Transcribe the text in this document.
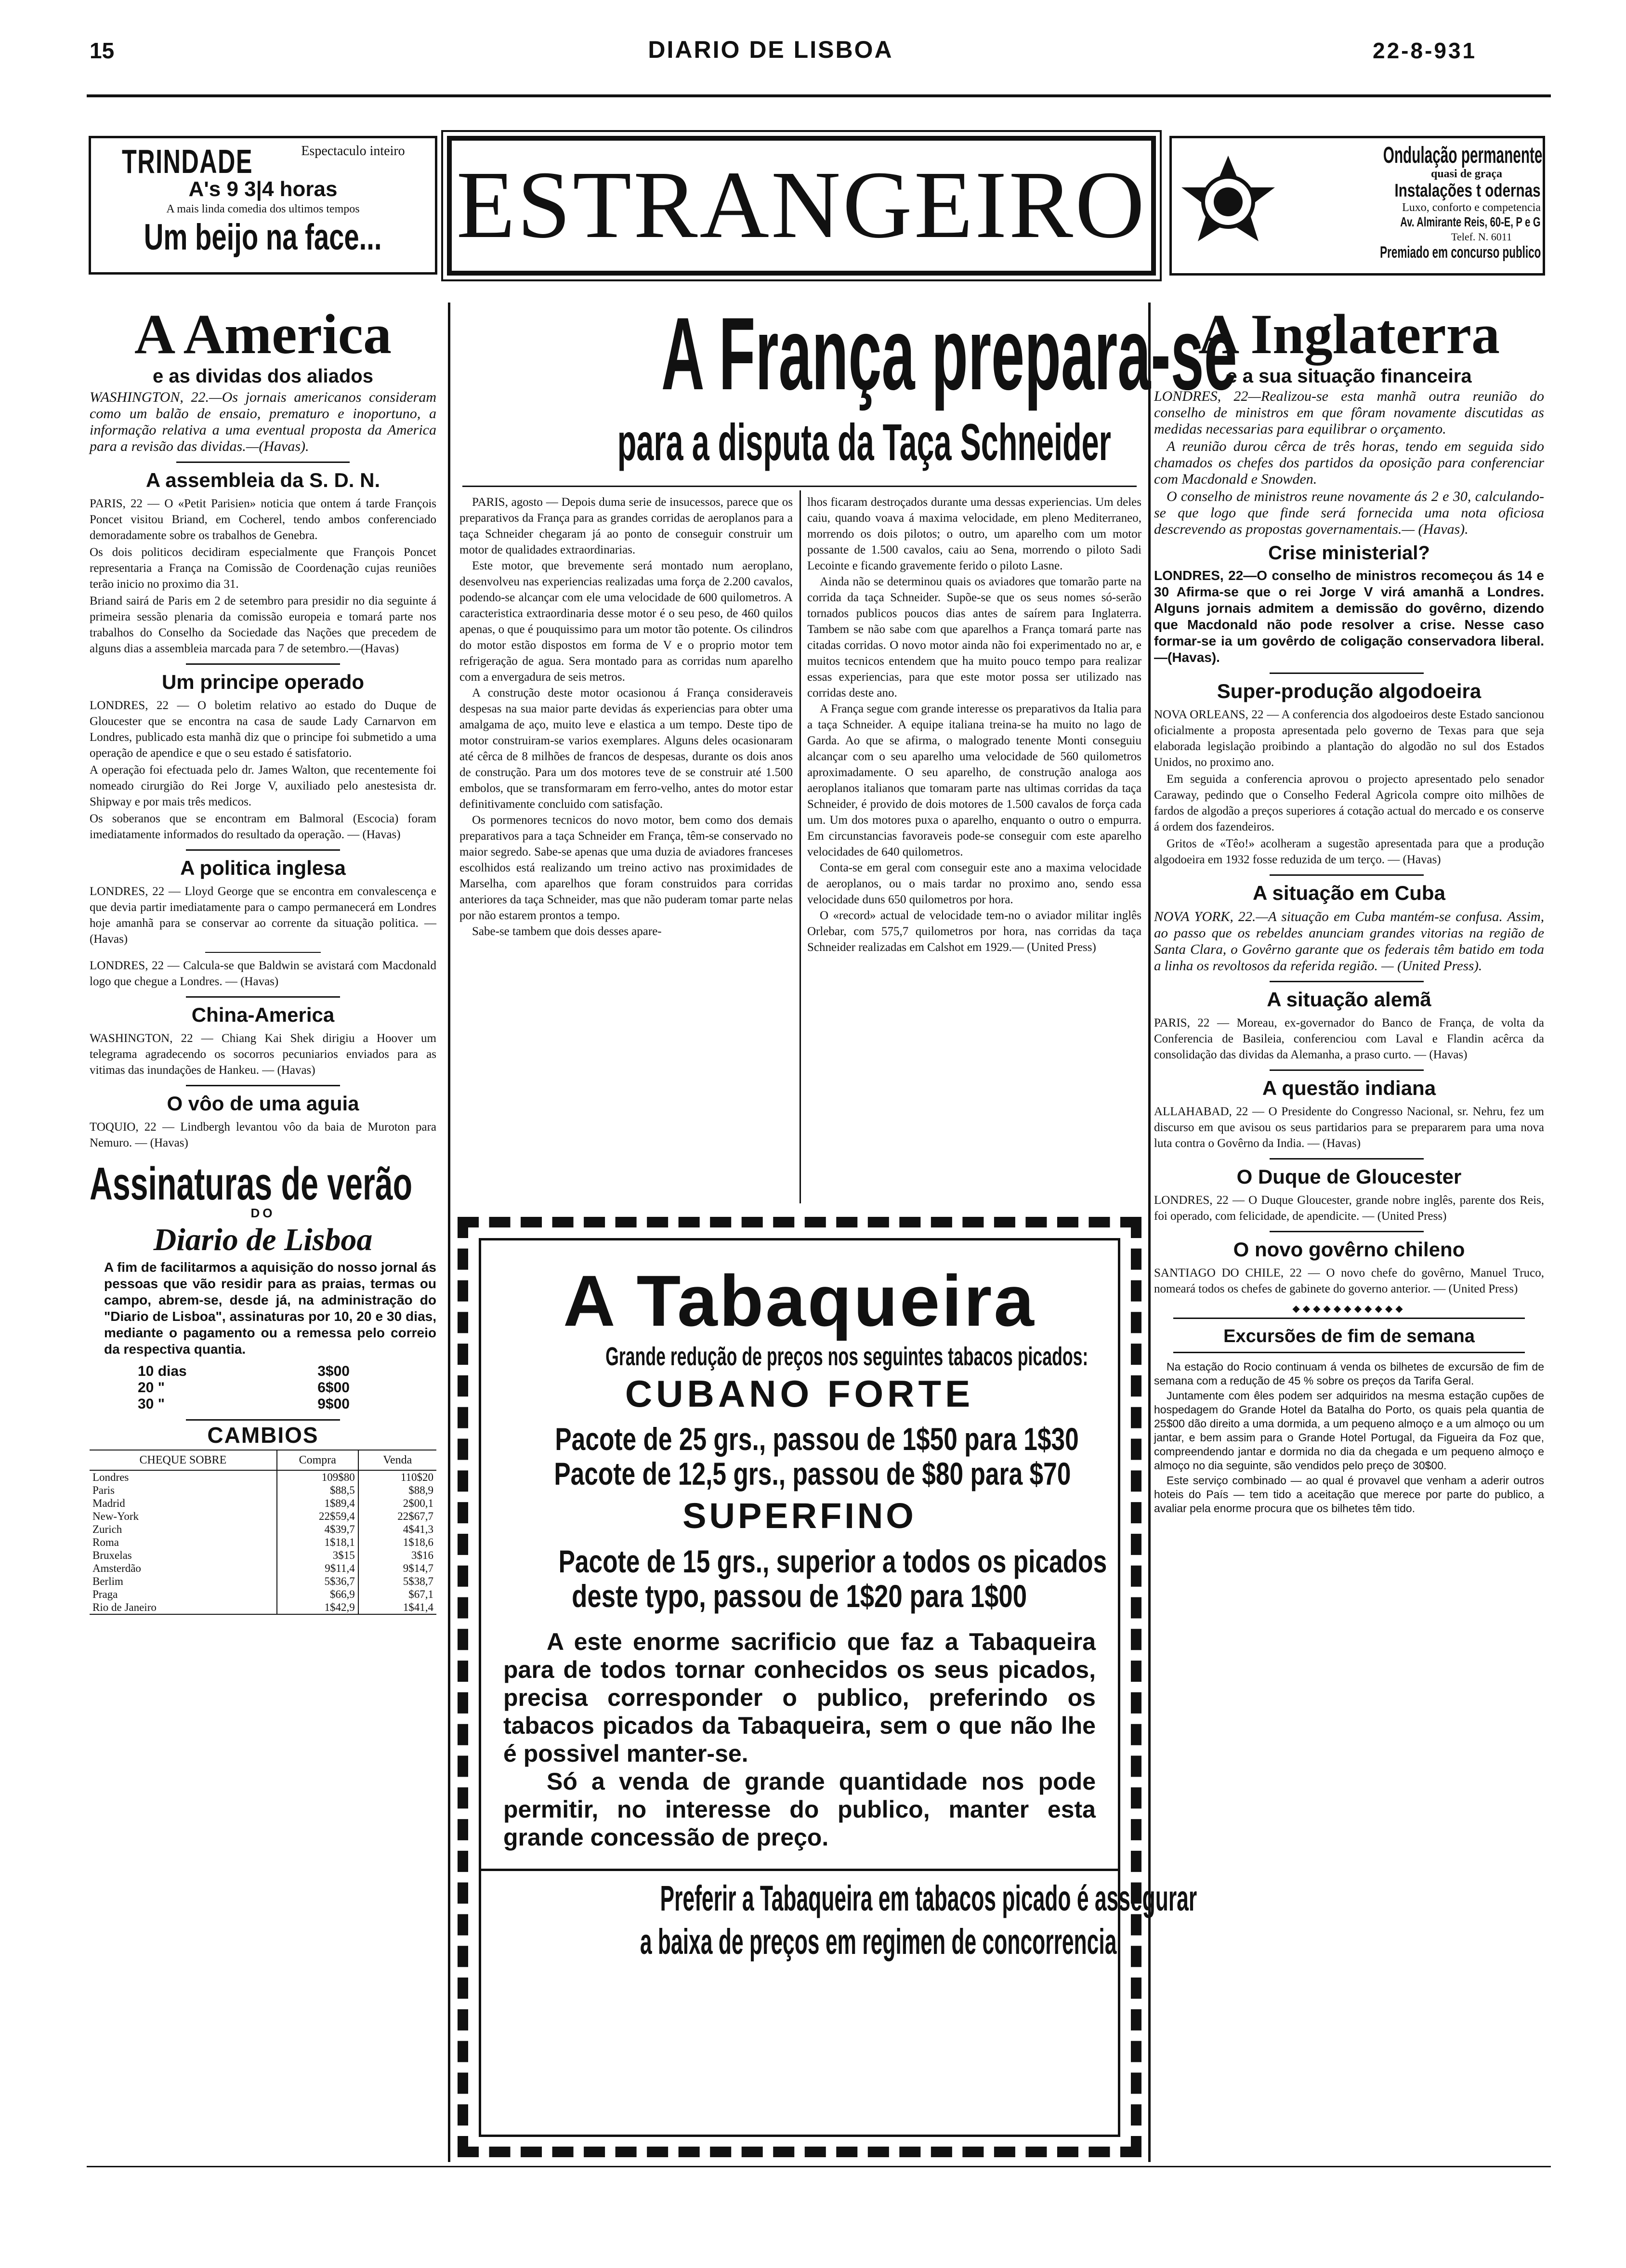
15	DIARIO DE LISBOA	22-8-931
TRINDADE	Espectaculo inteiro
A's 9 3|4 horas
A mais linda comedia dos ultimos tempos
Um beijo na face... ESTRANGEIRO	Ondulação permanente
quasi de graça
Instalações t odernas
Luxo, conforto e competencia
Av. Almirante Reis, 60-E, P e G
Telef. N. 6011
Premiado em concurso publico
A America
e as dividas dos aliados

WASHINGTON, 22.—Os jornais americanos consideram como um balão de ensaio, prematuro e inoportuno, a informação relativa a uma eventual proposta da America para a revisão das dividas.—(Havas).

A assembleia da S. D. N.

PARIS, 22 — O «Petit Parisien» noticia que ontem á tarde François Poncet visitou Briand, em Cocherel, tendo ambos conferenciado demoradamente sobre os trabalhos de Genebra.

Os dois politicos decidiram especialmente que François Poncet representaria a França na Comissão de Coordenação cujas reuniões terão inicio no proximo dia 31.

Briand sairá de Paris em 2 de setembro para presidir no dia seguinte á primeira sessão plenaria da comissão europeia e tomará parte nos trabalhos do Conselho da Sociedade das Nações que precedem de alguns dias a assembleia marcada para 7 de setembro.—(Havas)

Um principe operado

LONDRES, 22 — O boletim relativo ao estado do Duque de Gloucester que se encontra na casa de saude Lady Carnarvon em Londres, publicado esta manhã diz que o principe foi submetido a uma operação de apendice e que o seu estado é satisfatorio.

A operação foi efectuada pelo dr. James Walton, que recentemente foi nomeado cirurgião do Rei Jorge V, auxiliado pelo anestesista dr. Shipway e por mais três medicos.

Os soberanos que se encontram em Balmoral (Escocia) foram imediatamente informados do resultado da operação. — (Havas)

A politica inglesa

LONDRES, 22 — Lloyd George que se encontra em convalescença e que devia partir imediatamente para o campo permanecerá em Londres hoje amanhã para se conservar ao corrente da situação politica. — (Havas)

LONDRES, 22 — Calcula-se que Baldwin se avistará com Macdonald logo que chegue a Londres. — (Havas)

China-America

WASHINGTON, 22 — Chiang Kai Shek dirigiu a Hoover um telegrama agradecendo os socorros pecuniarios enviados para as vitimas das inundações de Hankeu. — (Havas)

O vôo de uma aguia

TOQUIO, 22 — Lindbergh levantou vôo da baia de Muroton para Nemuro. — (Havas)

Assinaturas de verão
DO
Diario de Lisboa

A fim de facilitarmos a aquisição do nosso jornal ás pessoas que vão residir para as praias, termas ou campo, abrem-se, desde já, na administração do "Diario de Lisboa", assinaturas por 10, 20 e 30 dias, mediante o pagamento ou a remessa pelo correio da respectiva quantia.

10 dias	3$00
20 "	6$00
30 "	9$00
CAMBIOS
CHEQUE SOBRE	Compra	Venda
Londres	109$80	110$20
Paris	$88,5	$88,9
Madrid	1$89,4	2$00,1
New-York	22$59,4	22$67,7
Zurich	4$39,7	4$41,3
Roma	1$18,1	1$18,6
Bruxelas	3$15	3$16
Amsterdão	9$11,4	9$14,7
Berlim	5$36,7	5$38,7
Praga	$66,9	$67,1
Rio de Janeiro	1$42,9	1$41,4
A França prepara-se
para a disputa da Taça Schneider

PARIS, agosto — Depois duma serie de insucessos, parece que os preparativos da França para as grandes corridas de aeroplanos para a taça Schneider chegaram já ao ponto de conseguir construir um motor de qualidades extraordinarias.

Este motor, que brevemente será montado num aeroplano, desenvolveu nas experiencias realizadas uma força de 2.200 cavalos, podendo-se alcançar com ele uma velocidade de 600 quilometros. A caracteristica extraordinaria desse motor é o seu peso, de 460 quilos apenas, o que é pouquissimo para um motor tão potente. Os cilindros do motor estão dispostos em forma de V e o proprio motor tem refrigeração de agua. Sera montado para as corridas num aparelho com a envergadura de seis metros.

A construção deste motor ocasionou á França consideraveis despesas na sua maior parte devidas ás experiencias para obter uma amalgama de aço, muito leve e elastica a um tempo. Deste tipo de motor construiram-se varios exemplares. Alguns deles ocasionaram até cêrca de 8 milhões de francos de despesas, durante os dois anos de construção. Para um dos motores teve de se construir até 1.500 embolos, que se transformaram em ferro-velho, antes do motor estar definitivamente concluido com satisfação.

Os pormenores tecnicos do novo motor, bem como dos demais preparativos para a taça Schneider em França, têm-se conservado no maior segredo. Sabe-se apenas que uma duzia de aviadores franceses escolhidos está realizando um treino activo nas proximidades de Marselha, com aparelhos que foram construidos para corridas anteriores da taça Schneider, mas que não puderam tomar parte nelas por não estarem prontos a tempo.

Sabe-se tambem que dois desses apare-

lhos ficaram destroçados durante uma dessas experiencias. Um deles caiu, quando voava á maxima velocidade, em pleno Mediterraneo, morrendo os dois pilotos; o outro, um aparelho com um motor possante de 1.500 cavalos, caiu ao Sena, morrendo o piloto Sadi Lecointe e ficando gravemente ferido o piloto Lasne.

Ainda não se determinou quais os aviadores que tomarão parte na corrida da taça Schneider. Supõe-se que os seus nomes só-serão tornados publicos poucos dias antes de saírem para Inglaterra. Tambem se não sabe com que aparelhos a França tomará parte nas citadas corridas. O novo motor ainda não foi experimentado no ar, e muitos tecnicos entendem que ha muito pouco tempo para realizar essas experiencias, para que este motor possa ser utilizado nas corridas deste ano.

A França segue com grande interesse os preparativos da Italia para a taça Schneider. A equipe italiana treina-se ha muito no lago de Garda. Ao que se afirma, o malogrado tenente Monti conseguiu alcançar com o seu aparelho uma velocidade de 560 quilometros aproximadamente. O seu aparelho, de construção analoga aos aeroplanos italianos que tomaram parte nas ultimas corridas da taça Schneider, é provido de dois motores de 1.500 cavalos de força cada um. Um dos motores puxa o aparelho, enquanto o outro o empurra. Em circunstancias favoraveis pode-se conseguir com este aparelho velocidades de 640 quilometros.

Conta-se em geral com conseguir este ano a maxima velocidade de aeroplanos, ou o mais tardar no proximo ano, sendo essa velocidade duns 650 quilometros por hora.

O «record» actual de velocidade tem-no o aviador militar inglês Orlebar, com 575,7 quilometros por hora, nas corridas da taça Schneider realizadas em Calshot em 1929.— (United Press)

A Tabaqueira
Grande redução de preços nos seguintes tabacos picados:
CUBANO FORTE
Pacote de 25 grs., passou de 1$50 para 1$30
Pacote de 12,5 grs., passou de $80 para $70
SUPERFINO
Pacote de 15 grs., superior a todos os picados
deste typo, passou de 1$20 para 1$00

A este enorme sacrificio que faz a Tabaqueira para de todos tornar conhecidos os seus picados, precisa corresponder o publico, preferindo os tabacos picados da Tabaqueira, sem o que não lhe é possivel manter-se.

Só a venda de grande quantidade nos pode permitir, no interesse do publico, manter esta grande concessão de preço.

Preferir a Tabaqueira em tabacos picado é assegurar
a baixa de preços em regimen de concorrencia
A Inglaterra
e a sua situação financeira

LONDRES, 22—Realizou-se esta manhã outra reunião do conselho de ministros em que fôram novamente discutidas as medidas necessarias para equilibrar o orçamento.

A reunião durou cêrca de três horas, tendo em seguida sido chamados os chefes dos partidos da oposição para conferenciar com Macdonald e Snowden.

O conselho de ministros reune novamente ás 2 e 30, calculando-se que logo que finde será fornecida uma nota oficiosa descrevendo as propostas governamentais.— (Havas).

Crise ministerial?

LONDRES, 22—O conselho de ministros recomeçou ás 14 e 30 Afirma-se que o rei Jorge V virá amanhã a Londres. Alguns jornais admitem a demissão do govêrno, dizendo que Macdonald não pode resolver a crise. Nesse caso formar-se ia um govêrdo de coligação conservadora liberal.—(Havas).

Super-produção algodoeira

NOVA ORLEANS, 22 — A conferencia dos algodoeiros deste Estado sancionou oficialmente a proposta apresentada pelo governo de Texas para que seja elaborada legislação proibindo a plantação do algodão no sul dos Estados Unidos, no proximo ano.

Em seguida a conferencia aprovou o projecto apresentado pelo senador Caraway, pedindo que o Conselho Federal Agricola compre oito milhões de fardos de algodão a preços superiores á cotação actual do mercado e os conserve á ordem dos fazendeiros.

Gritos de «Têo!» acolheram a sugestão apresentada para que a produção algodoeira em 1932 fosse reduzida de um terço. — (Havas)

A situação em Cuba

NOVA YORK, 22.—A situação em Cuba mantém-se confusa. Assim, ao passo que os rebeldes anunciam grandes vitorias na região de Santa Clara, o Govêrno garante que os federais têm batido em toda a linha os revoltosos da referida região. — (United Press).

A situação alemã

PARIS, 22 — Moreau, ex-governador do Banco de França, de volta da Conferencia de Basileia, conferenciou com Laval e Flandin acêrca da consolidação das dividas da Alemanha, a praso curto. — (Havas)

A questão indiana

ALLAHABAD, 22 — O Presidente do Congresso Nacional, sr. Nehru, fez um discurso em que avisou os seus partidarios para se prepararem para uma nova luta contra o Govêrno da India. — (Havas)

O Duque de Gloucester

LONDRES, 22 — O Duque Gloucester, grande nobre inglês, parente dos Reis, foi operado, com felicidade, de apendicite. — (United Press)

O novo govêrno chileno

SANTIAGO DO CHILE, 22 — O novo chefe do govêrno, Manuel Truco, nomeará todos os chefes de gabinete do governo anterior. — (United Press)

◆◆◆◆◆◆◆◆◆◆◆
Excursões de fim de semana

Na estação do Rocio continuam á venda os bilhetes de excursão de fim de semana com a redução de 45 % sobre os preços da Tarifa Geral.

Juntamente com êles podem ser adquiridos na mesma estação cupões de hospedagem do Grande Hotel da Batalha do Porto, os quais pela quantia de 25$00 dão direito a uma dormida, a um pequeno almoço e a um almoço ou um jantar, e bem assim para o Grande Hotel Portugal, da Figueira da Foz que, compreendendo jantar e dormida no dia da chegada e um pequeno almoço e almoço no dia seguinte, são vendidos pelo preço de 30$00.

Este serviço combinado — ao qual é provavel que venham a aderir outros hoteis do País — tem tido a aceitação que merece por parte do publico, a avaliar pela enorme procura que os bilhetes têm tido.
